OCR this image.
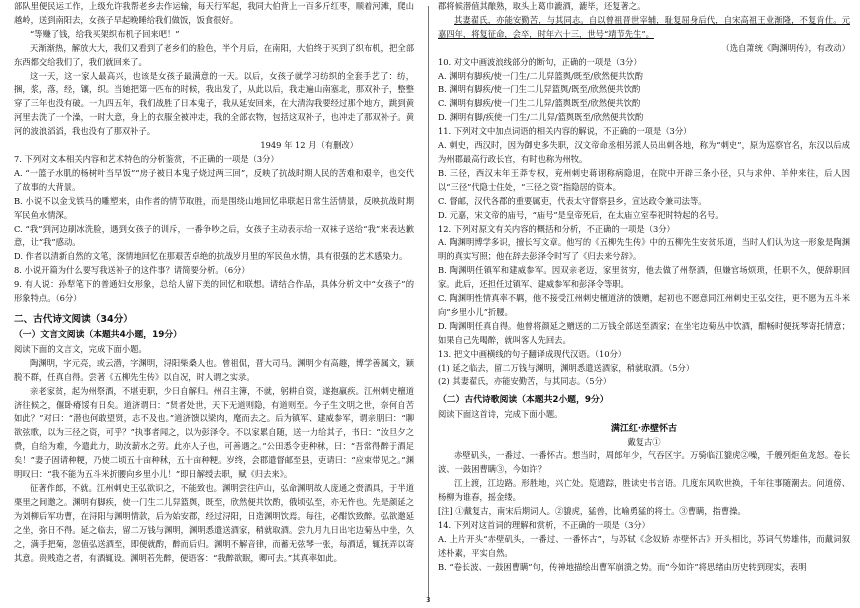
部队里便民运工作，上级允许我帮老乡去作运输，每天行军起，我同大伯背上一百多斤红枣，顺着河滩，爬山越岭，送到南阳去，女孩子早起晚睡给我们做饭，饭食很好。

“等赚了钱，给我买架织布机子回来吧！”

天渐渐热，解放大大，我们又看到了老乡们的脸色，半个月后，在南阳，大伯终于买到了织布机，把全部东西都交给我们了，我们就回来了。

这一天，这一家人最高兴，也该是女孩子最满意的一天。以后，女孩子就学习纺织的全套手艺了：纺，捆，浆，落，经，镶，织。当她把第一匹布的时候，我出发了，从此以后，我走遍山南塞北，那双补子，整整穿了三年也没有破。一九四五年，我们战胜了日本鬼子，我从延安回来，在大清沟我要经过那个地方，跳到黄河里去洗了一个澡，一时大意，身上的衣服全被冲走，我的全部衣物，包括这双补子，也冲走了那双补子。黄河的波浪滔滔，我也没有了那双补子。

1949 年 12 月（有删改）

7. 下列对文本相关内容和艺术特色的分析鉴赏，不正确的一项是（3分）

A. “一篮子水肌的杨树叶当早饭”“房子被日本鬼子烧过两三回”，反映了抗战时期人民的苦难和艰辛，也交代了故事的大背景。

B. 小说不以金戈铁马的雕塑来，由作者的情节取胜，而是围绕山地回忆串联起日常生活情景，反映抗战时期军民鱼水情深。

C. “我”到河边刷冰洗脸，遇到女孩子的训斥，一番争吵之后，女孩子主动表示给一双袜子送给“我”来表达歉意，让“我”感动。

D. 作者以清新自然的文笔，深情地回忆在那艰苦卓绝的抗战岁月里的军民鱼水情，具有很强的艺术感染力。

8. 小说开篇为什么要写我送补子的这件事？请简要分析。（6分）

9. 有人说：孙犁笔下的普通妇女形象，总给人留下美的回忆和联想。请结合作品，具体分析文中“女孩子”的形象特点。（6分）

二、古代诗文阅读（34分）
（一）文言文阅读（本题共4小题，19分）

阅读下面的文言文，完成下面小题。

陶渊明，字元亮，或云潜，字渊明，浔阳柴桑人也。曾祖侃，晋大司马。渊明少有高趣，博学善属文，颖脱不群，任真自得。尝著《五柳先生传》以自况，时人谓之实录。

亲老家贫，起为州祭酒，不堪吏职，少日自解归。州召主簿，不就，躬耕自资，遂抱羸疾。江州刺史檀道济往候之，偃卧瘠馁有日矣。道济谓曰：“贤者处世，天下无道则隐，有道则至。今子生文明之世，奈何自苦如此？”对曰：“潜也何敢望贤，志不及也。”道济馈以梁肉，麾而去之。后为镇军、建威参军，谓亲朋曰：“聊欲弦歌，以为三径之资，可乎？”执事者闻之，以为彭泽令。不以家累自随，送一力给其子，书曰：“汝旦夕之费，自给为难，今遣此力，助汝薪水之劳。此亦人子也，可善遇之。”公田悉令吏种秫，曰：“吾常得醉于酒足矣！”妻子固请种粳，乃使二顷五十亩种秫，五十亩种粳。岁终，会郡遣督邮至县，吏请曰：“应束带见之。”渊明叹曰：“我不能为五斗米折腰向乡里小儿！”即日解绶去职，赋《归去来》。

征著作郎，不就。江州刺史王弘欲识之，不能致也。渊明尝往庐山，弘命渊明故人庞通之赍酒具，于半道栗里之间邀之。渊明有脚疾，使一门生二儿舁篮舆，既至，欣然便共饮酌，俄顷弘至，亦无忤也。先是颜延之为刘柳后军功曹，在浔阳与渊明情款，后为始安郡，经过浔阳，日造渊明饮焉。每往，必酣饮致醉。弘欲邀延之坐，弥日不得。延之临去，留二万钱与渊明，渊明悉遣送酒家，稍就取酒。尝九月九日出宅边菊丛中坐，久之，满手把菊，忽值弘送酒至，即便就酌，醉而后归。渊明不解音律，而蓄无弦琴一张，每酒适，辄抚弄以寄其意。贵贱造之者，有酒辄设。渊明若先醉，便语客：“我醉欲眠，卿可去。”其真率如此。

郡将候潜值其酿熟，取头上葛巾漉酒，漉毕，还复著之。

其妻翟氏，亦能安勤苦，与其同志。自以曾祖晋世宰辅，耻复屈身后代，自宋高祖王业渐隆，不复肯仕。元嘉四年，将复征命，会卒，时年六十三，世号“靖节先生”。

（选自萧统《陶渊明传》，有改动）

10. 对文中画波浪线部分的断句，正确的一项是（3分）

A. 渊明有脚疾/使一门生/二儿舁篮舆/既至/欣然便共饮酌

B. 渊明有脚疾/使一门生二儿舁篮舆/既至/欣然便共饮酌

C. 渊明有脚疾/使一门生二儿舁/篮舆既至/欣然便共饮酌

D. 渊明有脚/疾使一门生/二儿舁/篮舆既至/欣然便共饮酌

11. 下列对文中加点词语的相关内容的解说，不正确的一项是（3分）

A. 刺史，西汉时，因为御史多失职，汉文帝命丞相另派人员出刺各地，称为“刺史”，原为巡察官名，东汉以后成为州郡最高行政长官，有时也称为州牧。

B. 三径，西汉末年王莽专权，兖州刺史蒋诩称病隐退，在院中开辟三条小径，只与求仲、羊仲来往，后人因以“三径”代隐士住处，“三径之资”指隐居的资本。

C. 督邮，汉代各郡的重要属吏，代表太守督察县乡，宣达政令兼司法等。

D. 元嘉，宋文帝的庙号，“庙号”是皇帝死后，在太庙立室奉祀时特起的名号。

12. 下列对原文有关内容的概括和分析，不正确的一项是（3分）

A. 陶渊明博学多识，擅长写文章。他写的《五柳先生传》中的五柳先生安贫乐道，当时人们认为这一形象是陶渊明的真实写照；他在辞去彭泽令时写了《归去来兮辞》。

B. 陶渊明任镇军和建威参军。因双亲老迈，家里贫穷，他去做了州祭酒，但嫌官场烦琐，任职不久，便辞职回家。此后，还担任过镇军、建威参军和彭泽令等职。

C. 陶渊明性情真率不羁，他不接受江州刺史檀道济的馈赠，起初也不愿意同江州刺史王弘交往，更不愿为五斗米向“乡里小儿”折腰。

D. 陶渊明任真自得。他曾将颜延之赠送的二万钱全部送至酒家；在坐宅边菊丛中饮酒，酣畅时便抚琴寄托情意；如果自己先喝醉，就叫客人先回去。

13. 把文中画横线的句子翻译成现代汉语。（10分）

(1) 延之临去，留二万钱与渊明，渊明悉遣送酒家，稍就取酒。（5分）

(2) 其妻翟氏，亦能安勤苦，与其同志。（5分）

（二）古代诗歌阅读（本题共2小题，9分）

阅读下面这首诗，完成下面小题。

满江红·赤壁怀古
戴复古①

赤壁矶头，一番过、一番怀古。想当时，周郎年少，气吞区宇。万骑临江貔虎②噪，千艘列炬鱼龙怒。卷长波、一鼓困曹瞒③，今如许？

江上渡，江边路。形胜地，兴亡处。览遗踪，胜读史书言语。几度东风吹世换，千年往事随潮去。问道傍、杨柳为谁春，摇金缕。

[注] ①戴复古，南宋后期词人。②貔虎，猛兽，比喻勇猛的将士。③曹瞒，指曹操。

14. 下列对这首词的理解和赏析，不正确的一项是（3分）

A. 上片开头“赤壁矶头，一番过、一番怀古”，与苏轼《念奴娇 赤壁怀古》开头相比，苏词气势雄伟，而戴词叙述朴素，平实自然。

B. “卷长波、一鼓困曹瞒”句，传神地描绘出曹军崩溃之势。而“今如许”将思绪由历史转到现实，表明

3
